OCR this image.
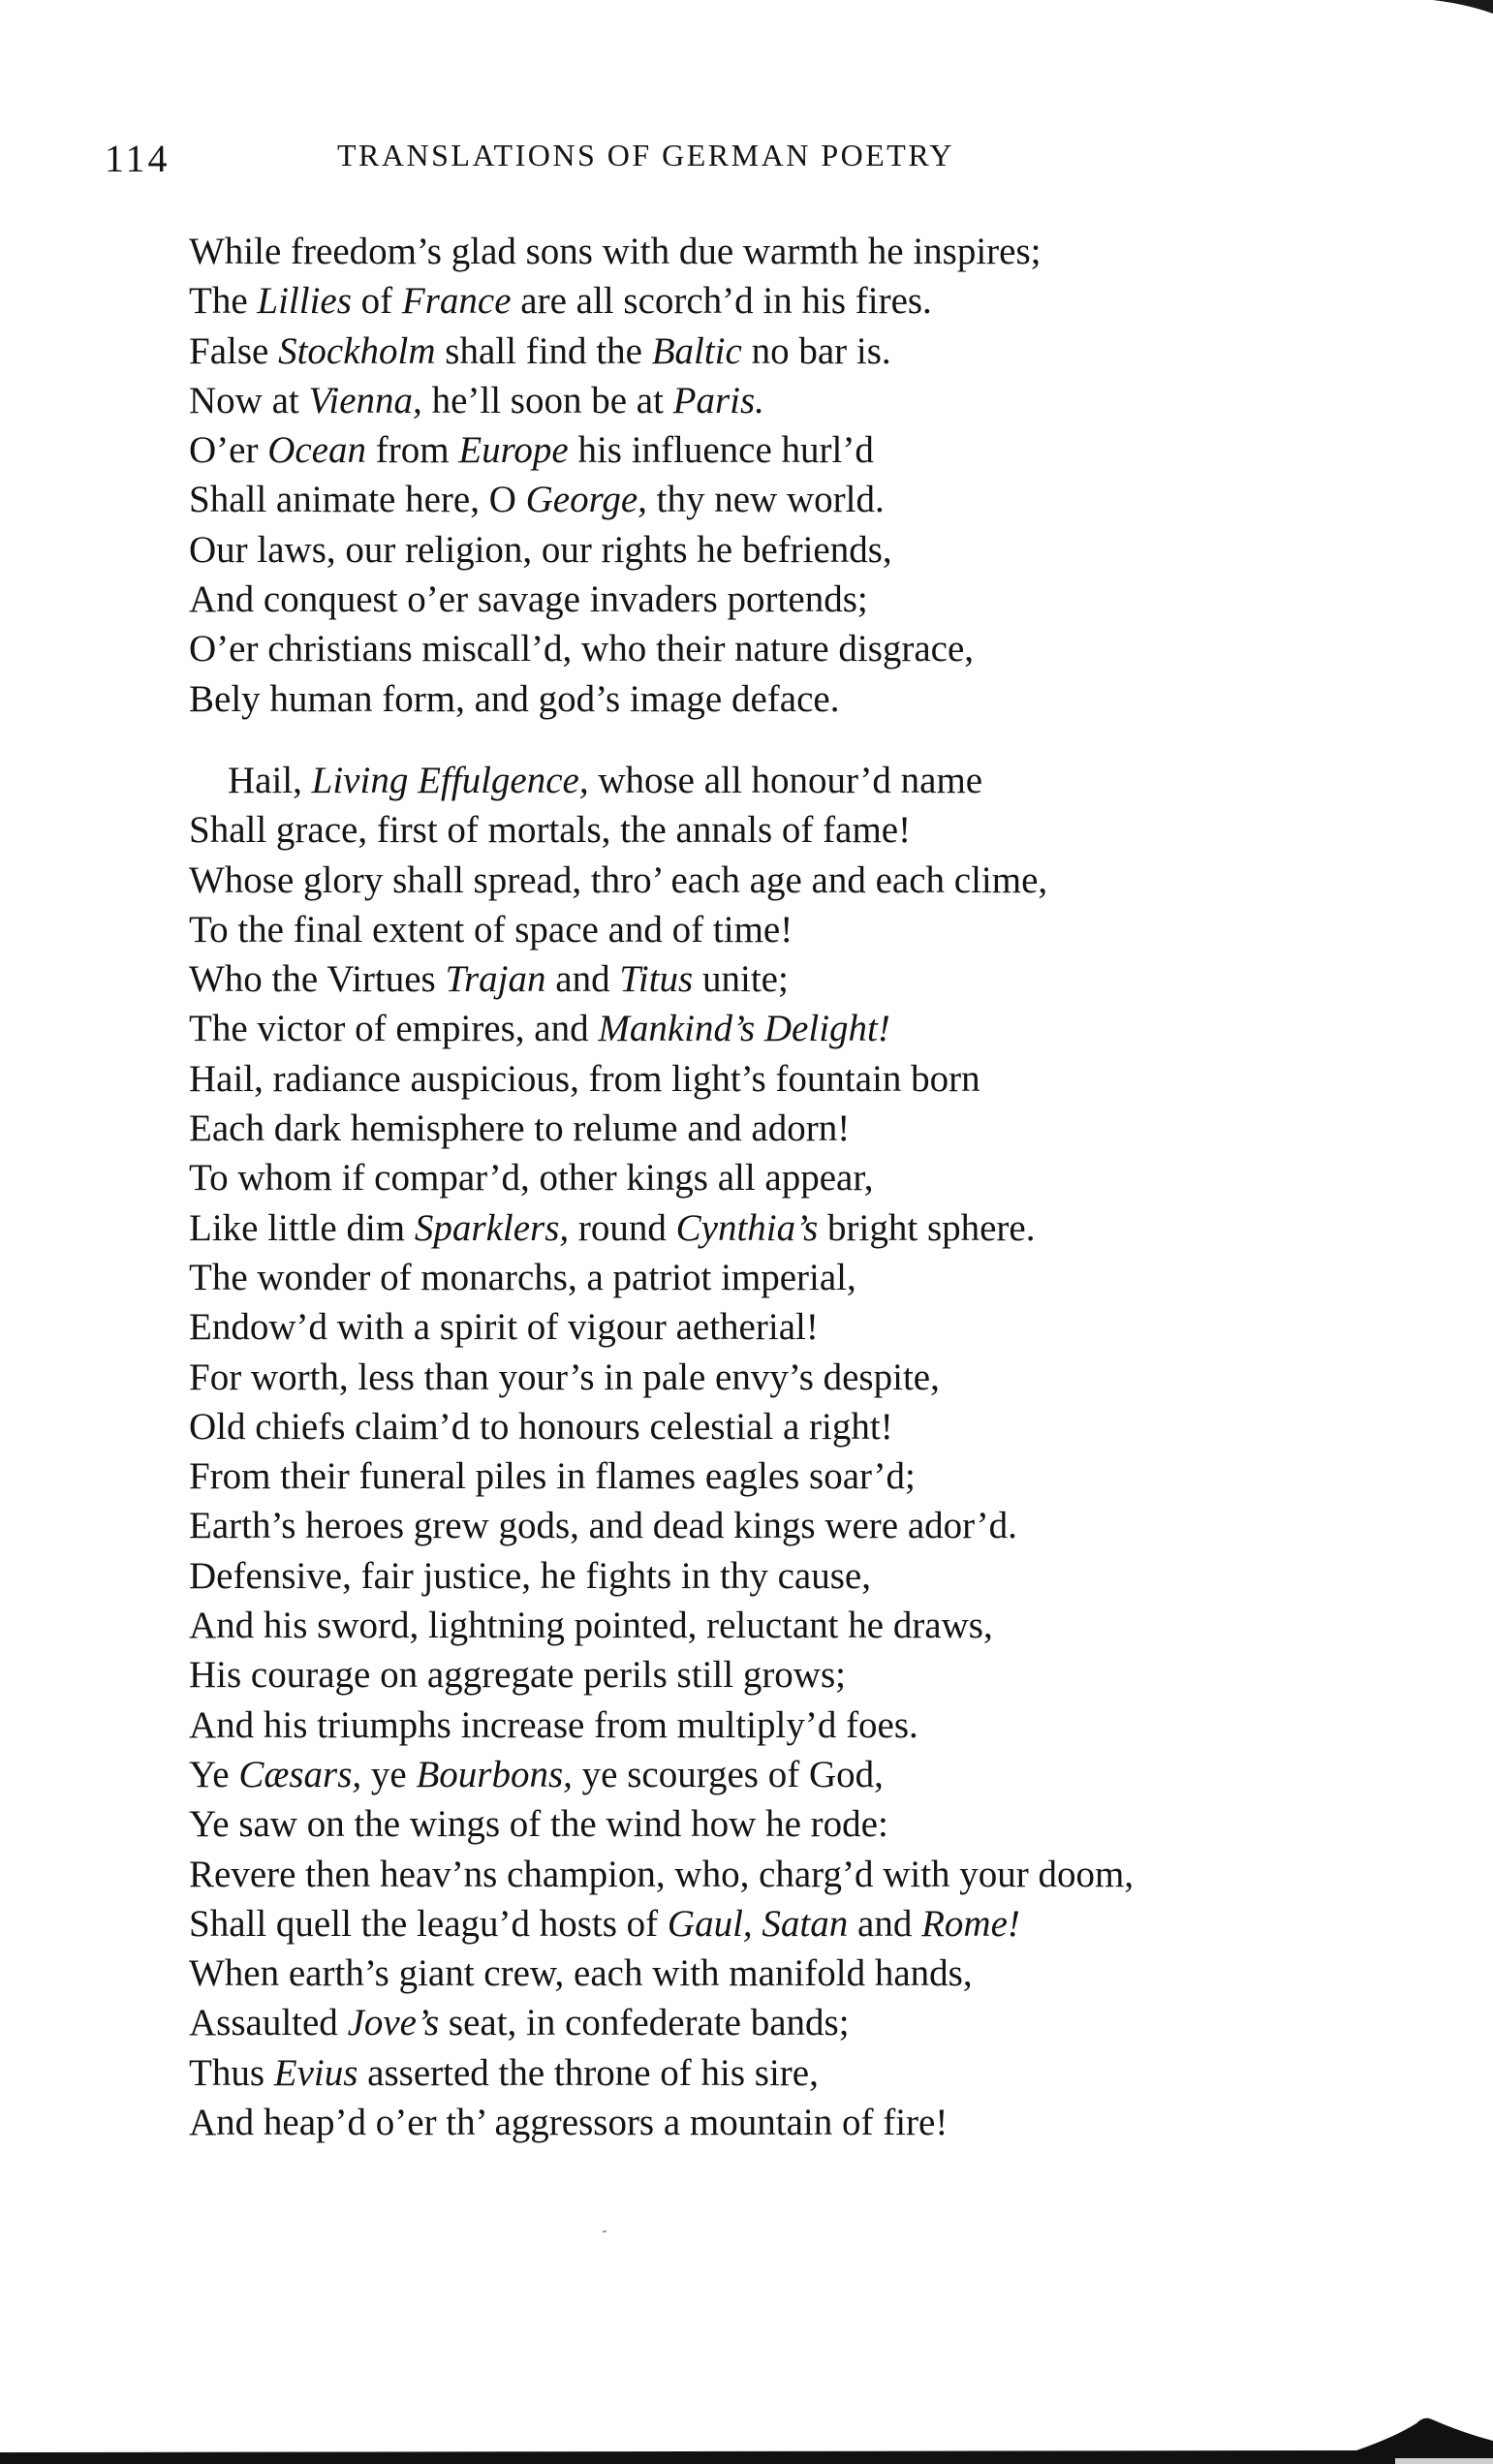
114	TRANSLATIONS OF GERMAN POETRY
While freedom’s glad sons with due warmth he inspires;
The Lillies of France are all scorch’d in his fires.
False Stockholm shall find the Baltic no bar is.
Now at Vienna, he’ll soon be at Paris.
O’er Ocean from Europe his influence hurl’d
Shall animate here, O George, thy new world.
Our laws, our religion, our rights he befriends,
And conquest o’er savage invaders portends;
O’er christians miscall’d, who their nature disgrace,
Bely human form, and god’s image deface.
Hail, Living Effulgence, whose all honour’d name
Shall grace, first of mortals, the annals of fame!
Whose glory shall spread, thro’ each age and each clime,
To the final extent of space and of time!
Who the Virtues Trajan and Titus unite;
The victor of empires, and Mankind’s Delight!
Hail, radiance auspicious, from light’s fountain born
Each dark hemisphere to relume and adorn!
To whom if compar’d, other kings all appear,
Like little dim Sparklers, round Cynthia’s bright sphere.
The wonder of monarchs, a patriot imperial,
Endow’d with a spirit of vigour aetherial!
For worth, less than your’s in pale envy’s despite,
Old chiefs claim’d to honours celestial a right!
From their funeral piles in flames eagles soar’d;
Earth’s heroes grew gods, and dead kings were ador’d.
Defensive, fair justice, he fights in thy cause,
And his sword, lightning pointed, reluctant he draws,
His courage on aggregate perils still grows;
And his triumphs increase from multiply’d foes.
Ye Cæsars, ye Bourbons, ye scourges of God,
Ye saw on the wings of the wind how he rode:
Revere then heav’ns champion, who, charg’d with your doom,
Shall quell the leagu’d hosts of Gaul, Satan and Rome!
When earth’s giant crew, each with manifold hands,
Assaulted Jove’s seat, in confederate bands;
Thus Evius asserted the throne of his sire,
And heap’d o’er th’ aggressors a mountain of fire!
